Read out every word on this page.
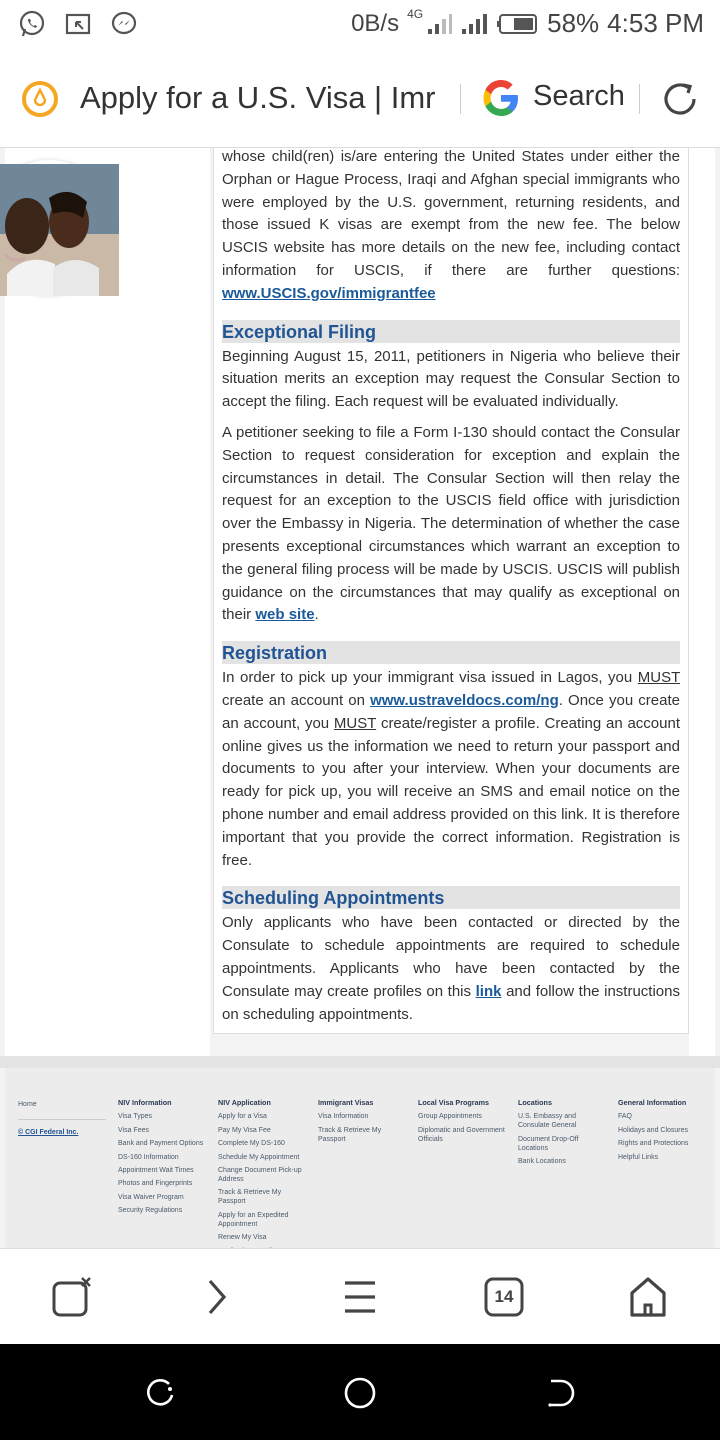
0B/s 4G	58% 4:53 PM
Apply for a U.S. Visa | Imr	Search

whose child(ren) is/are entering the United States under either the Orphan or Hague Process, Iraqi and Afghan special immigrants who were employed by the U.S. government, returning residents, and those issued K visas are exempt from the new fee. The below USCIS website has more details on the new fee, including contact information for USCIS, if there are further questions: www.USCIS.gov/immigrantfee

Exceptional Filing

Beginning August 15, 2011, petitioners in Nigeria who believe their situation merits an exception may request the Consular Section to accept the filing. Each request will be evaluated individually.

A petitioner seeking to file a Form I-130 should contact the Consular Section to request consideration for exception and explain the circumstances in detail. The Consular Section will then relay the request for an exception to the USCIS field office with jurisdiction over the Embassy in Nigeria. The determination of whether the case presents exceptional circumstances which warrant an exception to the general filing process will be made by USCIS. USCIS will publish guidance on the circumstances that may qualify as exceptional on their web site.

Registration

In order to pick up your immigrant visa issued in Lagos, you MUST create an account on www.ustraveldocs.com/ng. Once you create an account, you MUST create/register a profile. Creating an account online gives us the information we need to return your passport and documents to you after your interview. When your documents are ready for pick up, you will receive an SMS and email notice on the phone number and email address provided on this link. It is therefore important that you provide the correct information. Registration is free.

Scheduling Appointments

Only applicants who have been contacted or directed by the Consulate to schedule appointments are required to schedule appointments. Applicants who have been contacted by the Consulate may create profiles on this link and follow the instructions on scheduling appointments.

Home
© CGI Federal Inc.
NIV Information
Visa Types
Visa Fees
Bank and Payment Options
DS-160 Information
Appointment Wait Times
Photos and Fingerprints
Visa Waiver Program
Security Regulations
NIV Application
Apply for a Visa
Pay My Visa Fee
Complete My DS-160
Schedule My Appointment
Change Document Pick-up Address
Track & Retrieve My Passport
Apply for an Expedited Appointment
Renew My Visa
Immigrant Visas
Visa Information
Track & Retrieve My Passport
Local Visa Programs
Group Appointments
Diplomatic and Government Officials
Locations
U.S. Embassy and Consulate General
Document Drop-Off Locations
Bank Locations
General Information
FAQ
Holidays and Closures
Rights and Protections
Helpful Links
14
